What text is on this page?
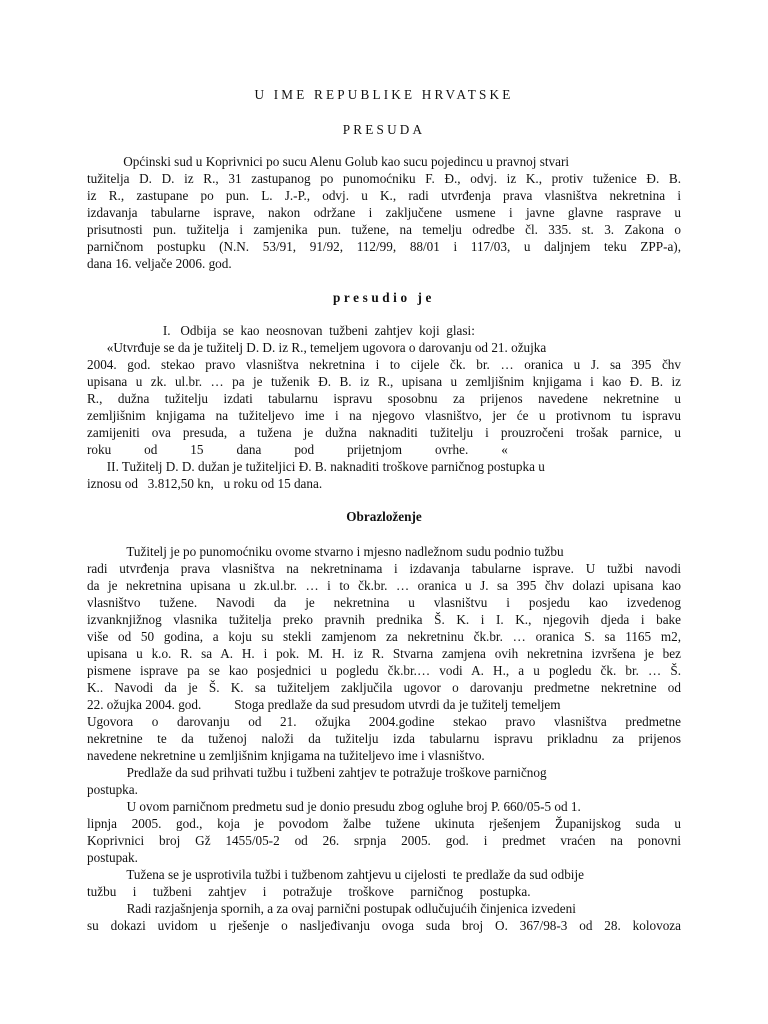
U IME REPUBLIKE HRVATSKE
PRESUDA
Općinski sud u Koprivnici po sucu Alenu Golub kao sucu pojedincu u pravnoj stvari
tužitelja D. D. iz R., 31 zastupanog po punomoćniku F. Đ., odvj. iz K., protiv tuženice Đ. B.
iz R., zastupane po pun. L. J.-P., odvj. u K., radi utvrđenja prava vlasništva nekretnina i
izdavanja tabularne isprave, nakon održane i zaključene usmene i javne glavne rasprave u
prisutnosti pun. tužitelja i zamjenika pun. tužene, na temelju odredbe čl. 335. st. 3. Zakona o
parničnom postupku (N.N. 53/91, 91/92, 112/99, 88/01 i 117/03, u daljnjem teku ZPP-a),
dana 16. veljače 2006. god.
presudio je
I.   Odbija  se  kao  neosnovan  tužbeni  zahtjev  koji  glasi:
«Utvrđuje se da je tužitelj D. D. iz R., temeljem ugovora o darovanju od 21. ožujka
2004. god. stekao pravo vlasništva nekretnina i to cijele čk. br. … oranica u J. sa 395 čhv
upisana u zk. ul.br. … pa je tuženik Đ. B. iz R., upisana u zemljišnim knjigama i kao Đ. B. iz
R., dužna tužitelju izdati tabularnu ispravu sposobnu za prijenos navedene nekretnine u
zemljišnim knjigama na tužiteljevo ime i na njegovo vlasništvo, jer će u protivnom tu ispravu
zamijeniti ova presuda, a tužena je dužna naknaditi tužitelju i prouzročeni trošak parnice, u
roku          od          15          dana          pod          prijetnjom          ovrhe.          «
II. Tužitelj D. D. dužan je tužiteljici Đ. B. naknaditi troškove parničnog postupka u
iznosu od   3.812,50 kn,   u roku od 15 dana.
Obrazloženje
Tužitelj je po punomoćniku ovome stvarno i mjesno nadležnom sudu podnio tužbu
radi utvrđenja prava vlasništva na nekretninama i izdavanja tabularne isprave. U tužbi navodi
da je nekretnina upisana u zk.ul.br. … i to čk.br. … oranica u J. sa 395 čhv dolazi upisana kao
vlasništvo tužene. Navodi da je nekretnina u vlasništvu i posjedu kao izvedenog
izvanknjižnog vlasnika tužitelja preko pravnih prednika Š. K. i I. K., njegovih djeda i bake
više od 50 godina, a koju su stekli zamjenom za nekretninu čk.br. … oranica S. sa 1165 m2,
upisana u k.o. R. sa A. H. i pok. M. H. iz R. Stvarna zamjena ovih nekretnina izvršena je bez
pismene isprave pa se kao posjednici u pogledu čk.br.… vodi A. H., a u pogledu čk. br. … Š.
K.. Navodi da je Š. K. sa tužiteljem zaključila ugovor o darovanju predmetne nekretnine od
22. ožujka 2004. god.          Stoga predlaže da sud presudom utvrdi da je tužitelj temeljem
Ugovora o darovanju od 21. ožujka 2004.godine stekao pravo vlasništva predmetne
nekretnine te da tuženoj naloži da tužitelju izda tabularnu ispravu prikladnu za prijenos
navedene nekretnine u zemljišnim knjigama na tužiteljevo ime i vlasništvo.
Predlaže da sud prihvati tužbu i tužbeni zahtjev te potražuje troškove parničnog
postupka.
U ovom parničnom predmetu sud je donio presudu zbog ogluhe broj P. 660/05-5 od 1.
lipnja 2005. god., koja je povodom žalbe tužene ukinuta rješenjem Županijskog suda u
Koprivnici broj Gž 1455/05-2 od 26. srpnja 2005. god. i predmet vraćen na ponovni
postupak.
Tužena se je usprotivila tužbi i tužbenom zahtjevu u cijelosti  te predlaže da sud odbije
tužbu     i     tužbeni     zahtjev     i     potražuje     troškove     parničnog     postupka.
Radi razjašnjenja spornih, a za ovaj parnični postupak odlučujućih činjenica izvedeni
su dokazi uvidom u rješenje o nasljeđivanju ovoga suda broj O. 367/98-3 od 28. kolovoza
